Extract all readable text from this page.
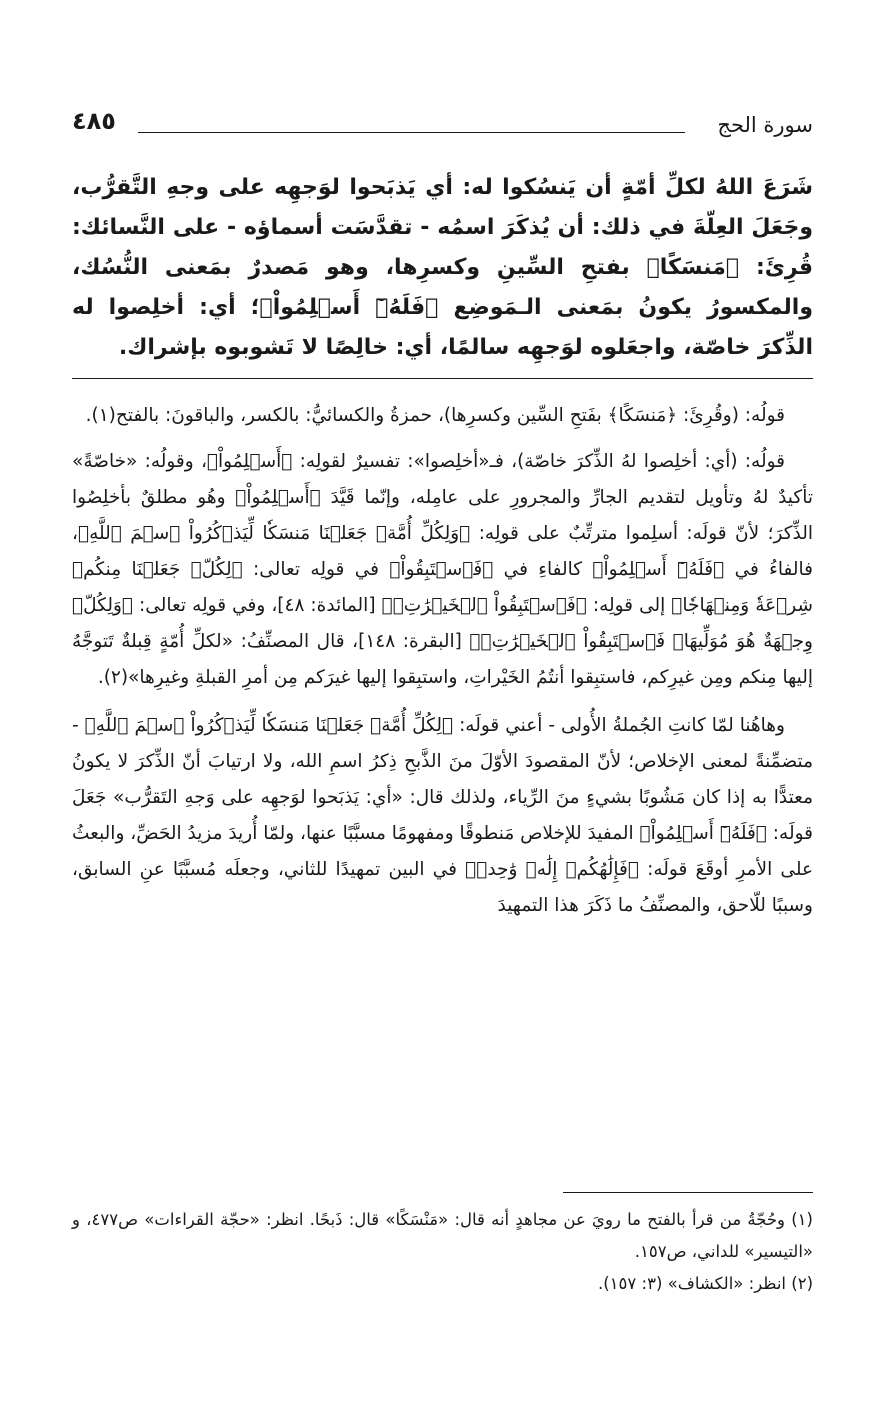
سورة الحج
٤٨٥
شَرَعَ اللهُ لكلِّ أمّةٍ أن يَنسُكوا له: أي يَذبَحوا لوَجهِه على وجهِ التَّقرُّب، وجَعَلَ العِلّةَ في ذلك: أن يُذكَرَ اسمُه - تقدَّسَت أسماؤه - على النَّسائك: قُرِئَ: ﴿مَنسَكًا﴾ بفتحِ السِّينِ وكسرِها، وهو مَصدرٌ بمَعنى النُّسُك، والمكسورُ يكونُ بمَعنى الـمَوضِع ﴿فَلَهُۥٓ أَسۡلِمُواْ﴾؛ أي: أخلِصوا له الذِّكرَ خاصّة، واجعَلوه لوَجهِه سالمًا، أي: خالِصًا لا تَشوبوه بإشراك.

قولُه: (وقُرِئَ: ﴿مَنسَكًا﴾ بفَتحِ السِّين وكسرِها)، حمزةُ والكسائيُّ: بالكسر، والباقونَ: بالفتح(١).

قولُه: (أي: أخلِصوا لهُ الذِّكرَ خاصّة)، فـ«أخلِصوا»: تفسيرٌ لقولِه: ﴿أَسۡلِمُواْ﴾، وقولُه: «خاصّةً» تأكيدٌ لهُ وتأويل لتقديم الجارِّ والمجرورِ على عامِله، وإنّما قَيَّدَ ﴿أَسۡلِمُواْ﴾ وهُو مطلقٌ بأخلِصُوا الذِّكرَ؛ لأنّ قولَه: أسلِموا مترتِّبٌ على قولِه: ﴿وَلِكُلِّ أُمَّةٖ جَعَلۡنَا مَنسَكٗا لِّيَذۡكُرُواْ ٱسۡمَ ٱللَّهِ﴾، فالفاءُ في ﴿فَلَهُۥٓ أَسۡلِمُواْ﴾ كالفاءِ في ﴿فَٱسۡتَبِقُواْ﴾ في قولِه تعالى: ﴿لِكُلّٖ جَعَلۡنَا مِنكُمۡ شِرۡعَةٗ وَمِنۡهَاجٗا﴾ إلى قولِه: ﴿فَٱسۡتَبِقُواْ ٱلۡخَيۡرَٰتِۚ﴾ [المائدة: ٤٨]، وفي قولِه تعالى: ﴿وَلِكُلّٖ وِجۡهَةٌ هُوَ مُوَلِّيهَاۖ فَٱسۡتَبِقُواْ ٱلۡخَيۡرَٰتِۚ﴾ [البقرة: ١٤٨]، قال المصنِّفُ: «لكلِّ أُمّةٍ قِبلةٌ تَتوجَّهُ إليها مِنكم ومِن غيرِكم، فاستبِقوا أنتُمُ الخَيْراتِ، واستبِقوا إليها غيرَكم مِن أمرِ القبلةِ وغيرِها»(٢).

وهاهُنا لمّا كانتِ الجُملةُ الأُولى - أعني قولَه: ﴿لِكُلِّ أُمَّةٖ جَعَلۡنَا مَنسَكٗا لِّيَذۡكُرُواْ ٱسۡمَ ٱللَّهِ﴾ - متضمِّنةً لمعنى الإخلاص؛ لأنّ المقصودَ الأوّلَ منَ الذَّبحِ ذِكرُ اسمِ الله، ولا ارتيابَ أنّ الذِّكرَ لا يكونُ معتدًّا به إذا كان مَشُوبًا بشيءٍ منَ الرِّياء، ولذلك قال: «أي: يَذبَحوا لوَجهِه على وَجهِ التَقرُّب» جَعَلَ قولَه: ﴿فَلَهُۥٓ أَسۡلِمُواْ﴾ المفيدَ للإخلاص مَنطوقًا ومفهومًا مسبَّبًا عنها، ولمّا أُريدَ مزيدُ الحَضِّ، والبعثُ على الأمرِ أوقَعَ قولَه: ﴿فَإِلَٰهُكُمۡ إِلَٰهٞ وَٰحِدٞ﴾ في البين تمهيدًا للثاني، وجعلَه مُسبَّبًا عنِ السابق، وسببًا للّاحق، والمصنِّفُ ما ذَكَرَ هذا التمهيدَ

(١) وحُجّةُ من قرأ بالفتح ما رويَ عن مجاهدٍ أنه قال: «مَنْسَكًا» قال: ذَبحًا. انظر: «حجّة القراءات» ص٤٧٧، و «التيسير» للداني، ص١٥٧.

(٢) انظر: «الكشاف» (٣: ١٥٧).
